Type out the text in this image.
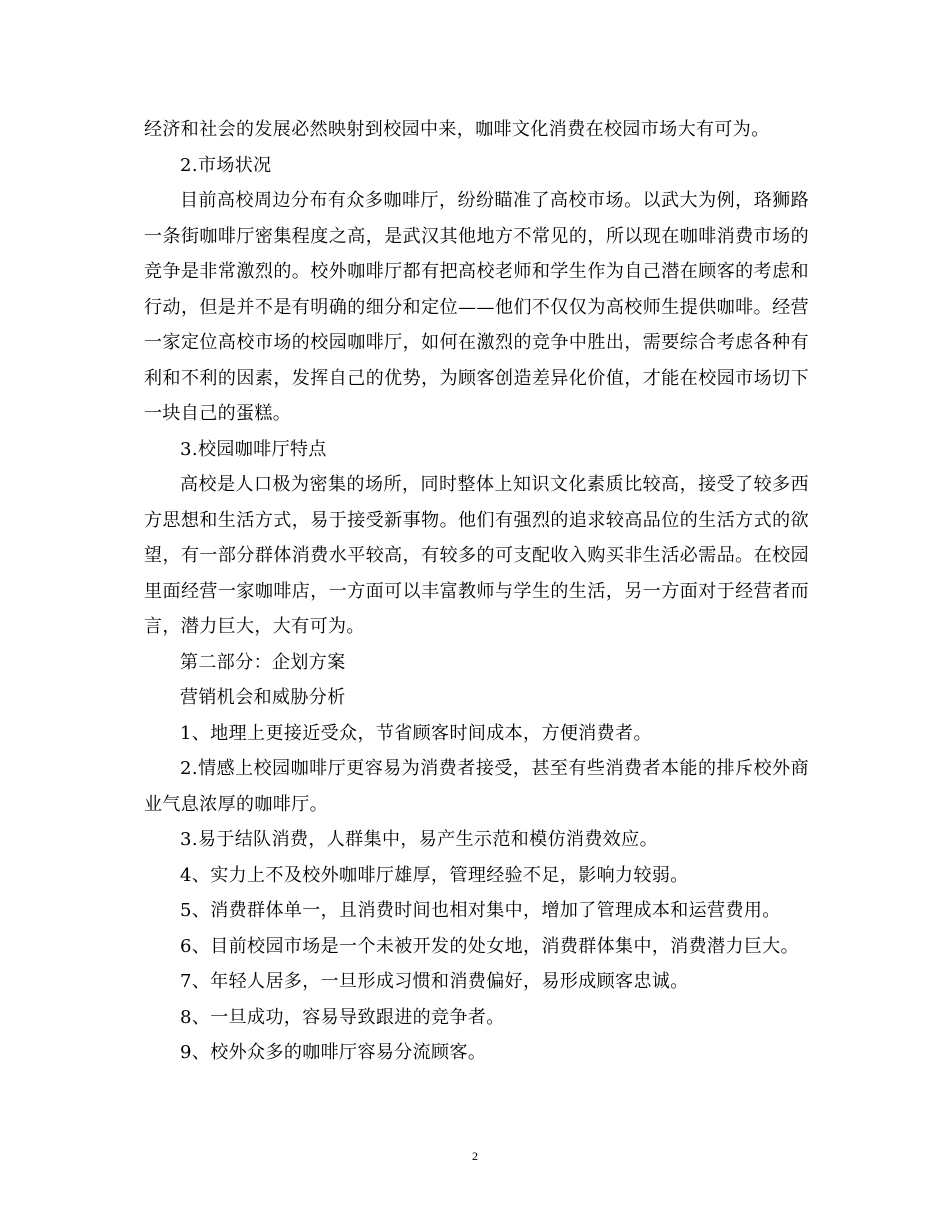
经济和社会的发展必然映射到校园中来，咖啡文化消费在校园市场大有可为。

2.市场状况

目前高校周边分布有众多咖啡厅，纷纷瞄准了高校市场。以武大为例，珞狮路一条街咖啡厅密集程度之高，是武汉其他地方不常见的，所以现在咖啡消费市场的竞争是非常激烈的。校外咖啡厅都有把高校老师和学生作为自己潜在顾客的考虑和行动，但是并不是有明确的细分和定位——他们不仅仅为高校师生提供咖啡。经营一家定位高校市场的校园咖啡厅，如何在激烈的竞争中胜出，需要综合考虑各种有利和不利的因素，发挥自己的优势，为顾客创造差异化价值，才能在校园市场切下一块自己的蛋糕。

3.校园咖啡厅特点

高校是人口极为密集的场所，同时整体上知识文化素质比较高，接受了较多西方思想和生活方式，易于接受新事物。他们有强烈的追求较高品位的生活方式的欲望，有一部分群体消费水平较高，有较多的可支配收入购买非生活必需品。在校园里面经营一家咖啡店，一方面可以丰富教师与学生的生活，另一方面对于经营者而言，潜力巨大，大有可为。

第二部分：企划方案

营销机会和威胁分析

1、地理上更接近受众，节省顾客时间成本，方便消费者。

2.情感上校园咖啡厅更容易为消费者接受，甚至有些消费者本能的排斥校外商业气息浓厚的咖啡厅。

3.易于结队消费，人群集中，易产生示范和模仿消费效应。

4、实力上不及校外咖啡厅雄厚，管理经验不足，影响力较弱。

5、消费群体单一，且消费时间也相对集中，增加了管理成本和运营费用。

6、目前校园市场是一个未被开发的处女地，消费群体集中，消费潜力巨大。

7、年轻人居多，一旦形成习惯和消费偏好，易形成顾客忠诚。

8、一旦成功，容易导致跟进的竞争者。

9、校外众多的咖啡厅容易分流顾客。

2
